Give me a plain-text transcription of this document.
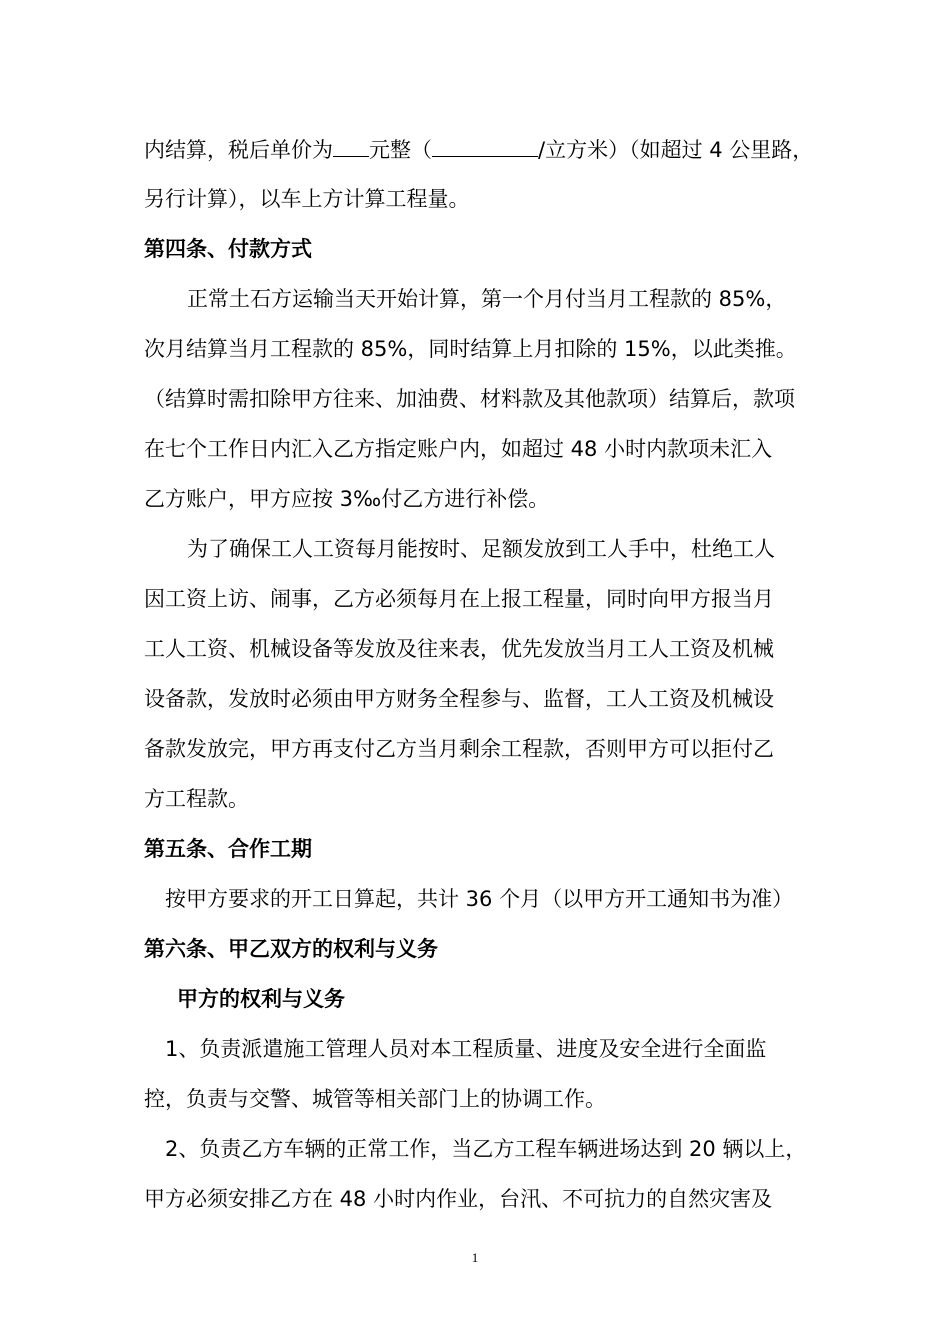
内结算，税后单价为 元整（	/立方米）（如超过 4 公里路，
另行计算），以车上方计算工程量。
第四条、付款方式
正常土石方运输当天开始计算，第一个月付当月工程款的 85%，
次月结算当月工程款的 85%，同时结算上月扣除的 15%，以此类推。
（结算时需扣除甲方往来、加油费、材料款及其他款项）结算后，款项
在七个工作日内汇入乙方指定账户内，如超过 48 小时内款项未汇入
乙方账户，甲方应按 3‰付乙方进行补偿。
为了确保工人工资每月能按时、足额发放到工人手中，杜绝工人
因工资上访、闹事，乙方必须每月在上报工程量，同时向甲方报当月
工人工资、机械设备等发放及往来表，优先发放当月工人工资及机械
设备款，发放时必须由甲方财务全程参与、监督，工人工资及机械设
备款发放完，甲方再支付乙方当月剩余工程款，否则甲方可以拒付乙
方工程款。
第五条、合作工期
按甲方要求的开工日算起，共计 36 个月（以甲方开工通知书为准）
第六条、甲乙双方的权利与义务
甲方的权利与义务
1、负责派遣施工管理人员对本工程质量、进度及安全进行全面监
控，负责与交警、城管等相关部门上的协调工作。
2、负责乙方车辆的正常工作，当乙方工程车辆进场达到 20 辆以上，
甲方必须安排乙方在 48 小时内作业，台汛、不可抗力的自然灾害及
1
